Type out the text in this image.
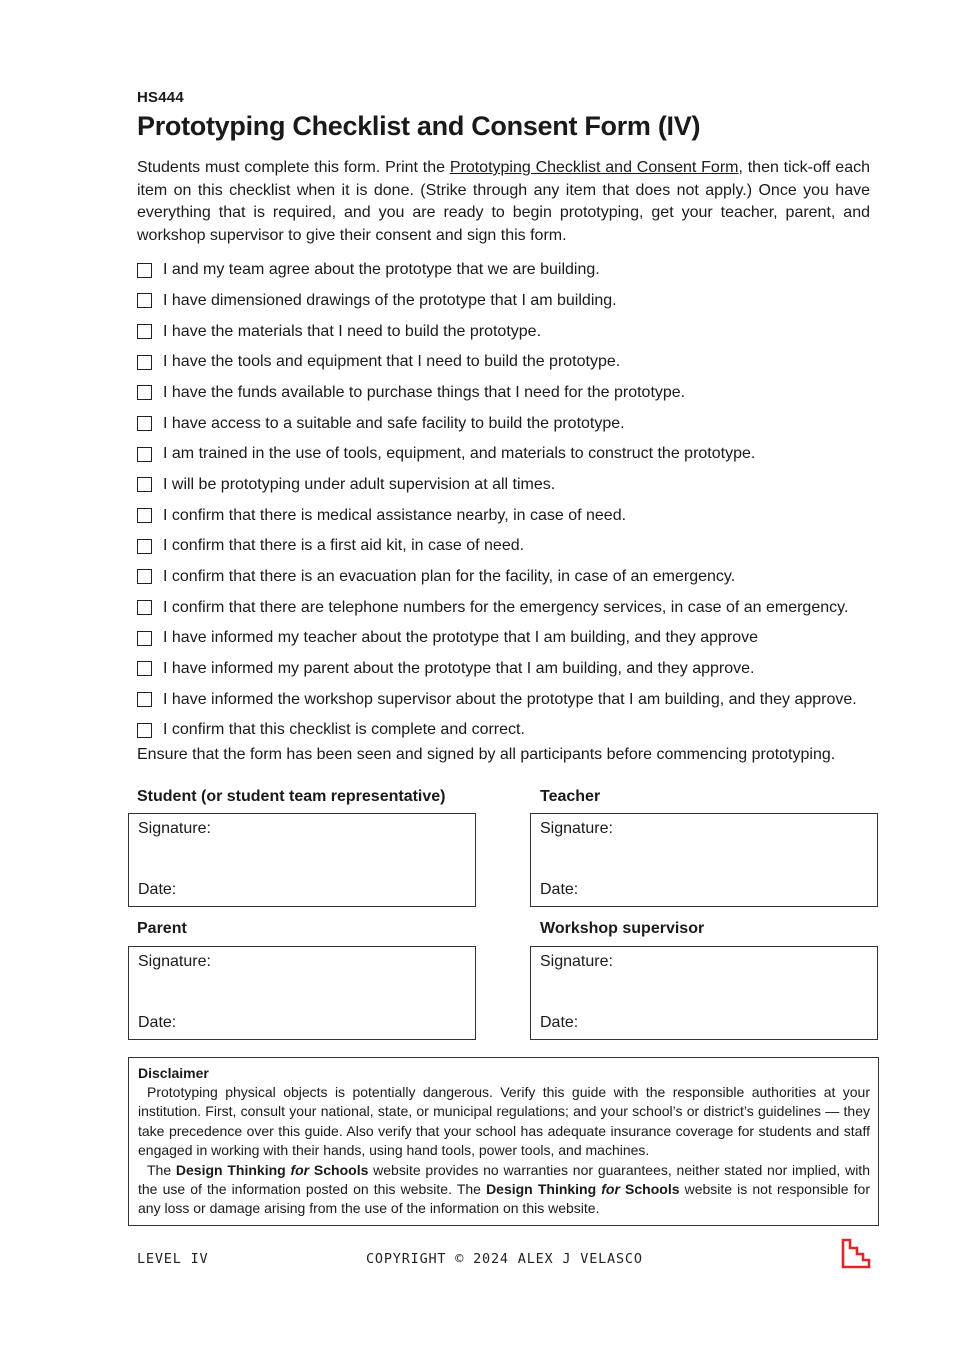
HS444
Prototyping Checklist and Consent Form (IV)

Students must complete this form. Print the Prototyping Checklist and Consent Form, then tick-off each item on this checklist when it is done. (Strike through any item that does not apply.) Once you have everything that is required, and you are ready to begin prototyping, get your teacher, parent, and workshop supervisor to give their consent and sign this form.

I and my team agree about the prototype that we are building.
I have dimensioned drawings of the prototype that I am building.
I have the materials that I need to build the prototype.
I have the tools and equipment that I need to build the prototype.
I have the funds available to purchase things that I need for the prototype.
I have access to a suitable and safe facility to build the prototype.
I am trained in the use of tools, equipment, and materials to construct the prototype.
I will be prototyping under adult supervision at all times.
I confirm that there is medical assistance nearby, in case of need.
I confirm that there is a first aid kit, in case of need.
I confirm that there is an evacuation plan for the facility, in case of an emergency.
I confirm that there are telephone numbers for the emergency services, in case of an emergency.
I have informed my teacher about the prototype that I am building, and they approve
I have informed my parent about the prototype that I am building, and they approve.
I have informed the workshop supervisor about the prototype that I am building, and they approve.
I confirm that this checklist is complete and correct.

Ensure that the form has been seen and signed by all participants before commencing prototyping.

Student (or student team representative)
Signature:
Date:
Teacher
Signature:
Date:
Parent
Signature:
Date:
Workshop supervisor
Signature:
Date:
Disclaimer

Prototyping physical objects is potentially dangerous. Verify this guide with the responsible authorities at your institution. First, consult your national, state, or municipal regulations; and your school’s or district’s guidelines — they take precedence over this guide. Also verify that your school has adequate insurance coverage for students and staff engaged in working with their hands, using hand tools, power tools, and machines.

The Design Thinking for Schools website provides no warranties nor guarantees, neither stated nor implied, with the use of the information posted on this website. The Design Thinking for Schools website is not responsible for any loss or damage arising from the use of the information on this website.

LEVEL IV	COPYRIGHT © 2024 ALEX J VELASCO
